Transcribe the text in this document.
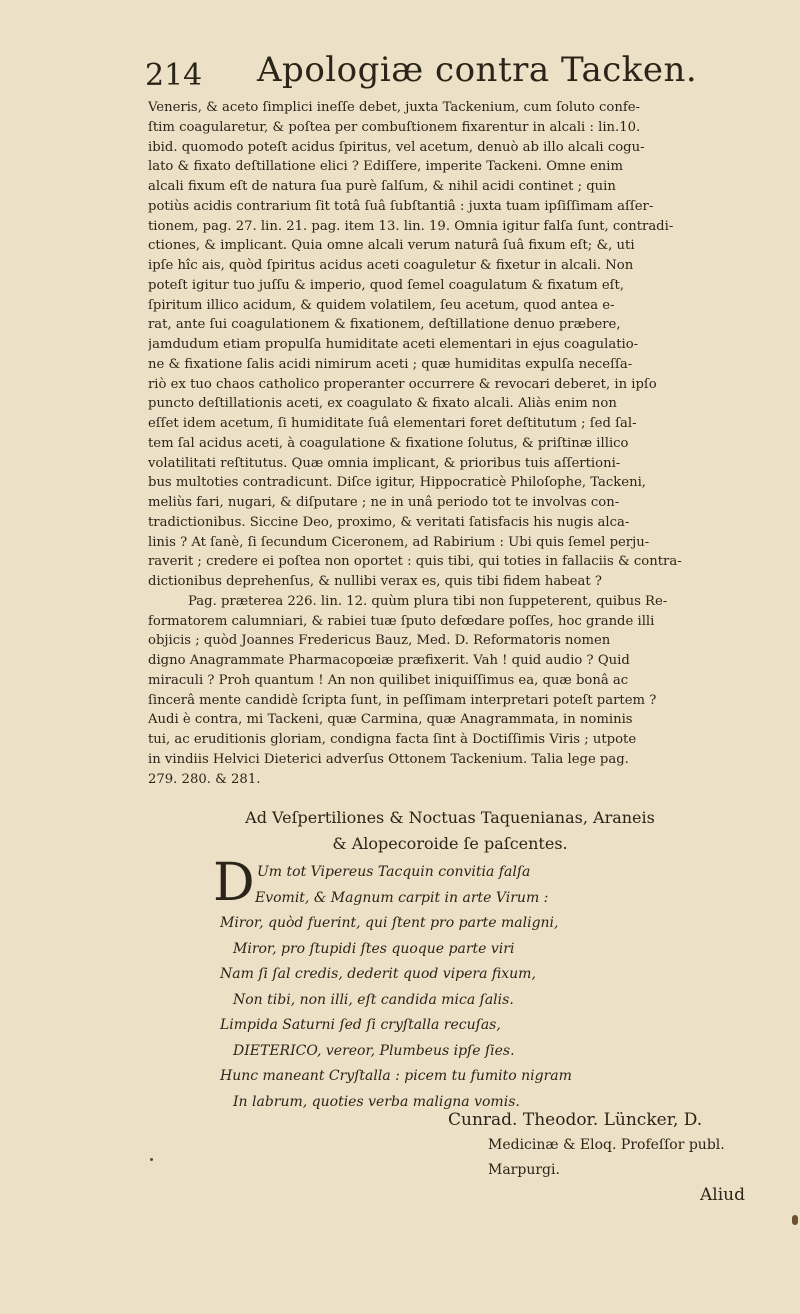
214 Apologiæ contra Tacken.
Veneris, & aceto ſimplici ineſſe debet, juxta Tackenium, cum ſoluto confe-
ſtim coagularetur, & poſtea per combuſtionem fixarentur in alcali : lin.10.
ibid. quomodo poteſt acidus ſpiritus, vel acetum, denuò ab illo alcali cogu-
lato & fixato deſtillatione elici ? Ediſſere, imperite Tackeni. Omne enim
alcali fixum eſt de natura ſua purè ſalſum, & nihil acidi continet ; quin
potiùs acidis contrarium ſit totâ ſuâ ſubſtantiâ : juxta tuam ipſiſſimam aſſer-
tionem, pag. 27. lin. 21. pag. item 13. lin. 19. Omnia igitur falſa ſunt, contradi-
ctiones, & implicant. Quia omne alcali verum naturâ ſuâ fixum eſt; &, uti
ipſe hîc ais, quòd ſpiritus acidus aceti coaguletur & fixetur in alcali. Non
poteſt igitur tuo juſſu & imperio, quod ſemel coagulatum & fixatum eſt,
ſpiritum illico acidum, & quidem volatilem, ſeu acetum, quod antea e-
rat, ante ſui coagulationem & fixationem, deſtillatione denuo præbere,
jamdudum etiam propulſa humiditate aceti elementari in ejus coagulatio-
ne & fixatione ſalis acidi nimirum aceti ; quæ humiditas expulſa neceſſa-
riò ex tuo chaos catholico properanter occurrere & revocari deberet, in ipſo
puncto deſtillationis aceti, ex coagulato & fixato alcali. Aliàs enim non
eſſet idem acetum, ſi humiditate ſuâ elementari foret deſtitutum ; ſed ſal-
tem ſal acidus aceti, à coagulatione & fixatione ſolutus, & priſtinæ illico
volatilitati reſtitutus. Quæ omnia implicant, & prioribus tuis aſſertioni-
bus multoties contradicunt. Diſce igitur, Hippocraticè Philoſophe, Tackeni,
meliùs fari, nugari, & diſputare ; ne in unâ periodo tot te involvas con-
tradictionibus. Siccine Deo, proximo, & veritati ſatisfacis his nugis alca-
linis ? At ſanè, ſi ſecundum Ciceronem, ad Rabirium : Ubi quis ſemel perju-
raverit ; credere ei poſtea non oportet : quis tibi, qui toties in fallaciis & contra-
dictionibus deprehenſus, & nullibi verax es, quis tibi fidem habeat ?
Pag. præterea 226. lin. 12. quùm plura tibi non ſuppeterent, quibus Re-
formatorem calumniari, & rabiei tuæ ſputo defœdare poſſes, hoc grande illi
objicis ; quòd Joannes Fredericus Bauz, Med. D. Reformatoris nomen
digno Anagrammate Pharmacopœiæ præfixerit. Vah ! quid audio ? Quid
miraculi ? Proh quantum ! An non quilibet iniquiſſimus ea, quæ bonâ ac
ſincerâ mente candidè ſcripta ſunt, in peſſimam interpretari poteſt partem ?
Audi è contra, mi Tackeni, quæ Carmina, quæ Anagrammata, in nominis
tui, ac eruditionis gloriam, condigna facta ſint à Doctiſſimis Viris ; utpote
in vindiis Helvici Dieterici adverſus Ottonem Tackenium. Talia lege pag.
279. 280. & 281.
Ad Veſpertiliones & Noctuas Taquenianas, Araneis
& Alopecoroide ſe paſcentes.
D Um tot Vipereus Tacquin convitia falſa
Evomit, & Magnum carpit in arte Virum :
Miror, quòd fuerint, qui ſtent pro parte maligni,
Miror, pro ſtupidi ſtes quoque parte viri
Nam ſi ſal credis, dederit quod vipera fixum,
Non tibi, non illi, eſt candida mica ſalis.
Limpida Saturni ſed ſi cryſtalla recuſas,
DIETERICO, vereor, Plumbeus ipſe ſies.
Hunc maneant Cryſtalla : picem tu fumito nigram
In labrum, quoties verba maligna vomis.
Cunrad. Theodor. Lüncker, D.
Medicinæ & Eloq. Profeſſor publ.
Marpurgi.
Aliud
